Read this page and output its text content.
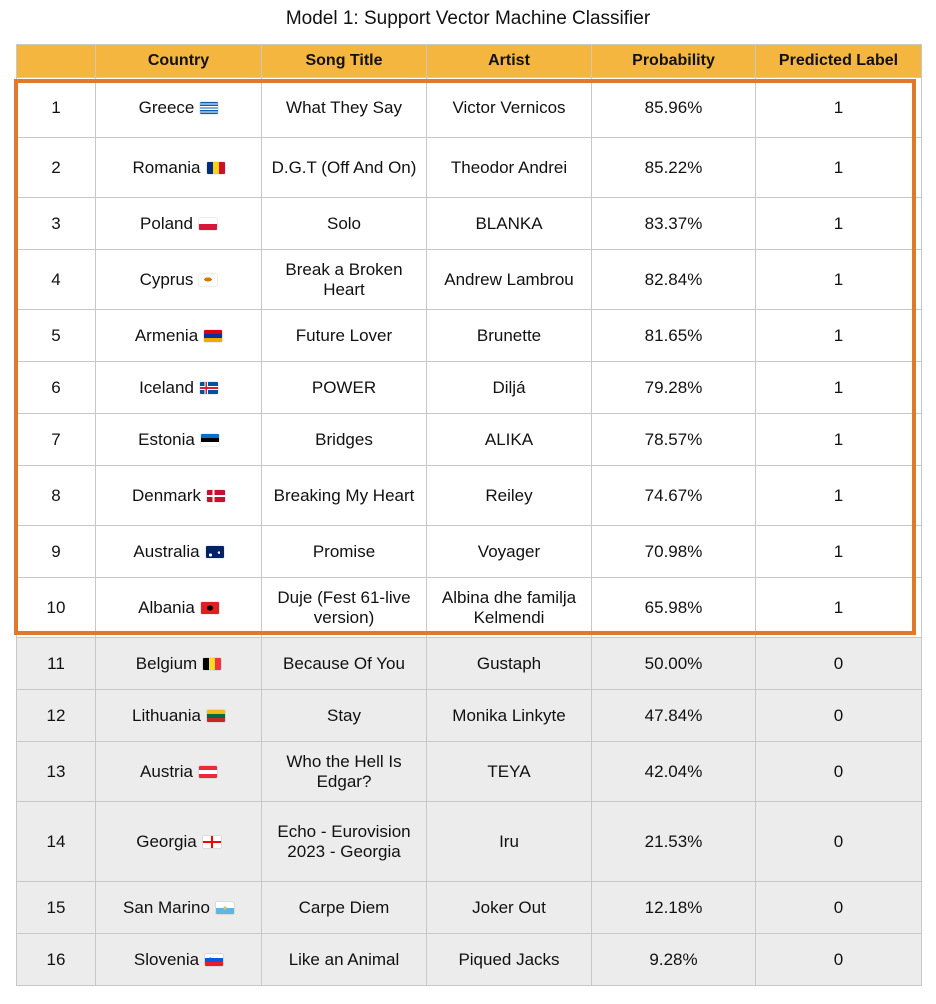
Model 1: Support Vector Machine Classifier
	Country	Song Title	Artist	Probability	Predicted Label
1	Greece	What They Say	Victor Vernicos	85.96%	1
2	Romania	D.G.T (Off And On)	Theodor Andrei	85.22%	1
3	Poland	Solo	BLANKA	83.37%	1
4	Cyprus	Break a Broken Heart	Andrew Lambrou	82.84%	1
5	Armenia	Future Lover	Brunette	81.65%	1
6	Iceland	POWER	Diljá	79.28%	1
7	Estonia	Bridges	ALIKA	78.57%	1
8	Denmark	Breaking My Heart	Reiley	74.67%	1
9	Australia	Promise	Voyager	70.98%	1
10	Albania	Duje (Fest 61-live version)	Albina dhe familja Kelmendi	65.98%	1
11	Belgium	Because Of You	Gustaph	50.00%	0
12	Lithuania	Stay	Monika Linkyte	47.84%	0
13	Austria	Who the Hell Is Edgar?	TEYA	42.04%	0
14	Georgia	Echo - Eurovision 2023 - Georgia	Iru	21.53%	0
15	San Marino	Carpe Diem	Joker Out	12.18%	0
16	Slovenia	Like an Animal	Piqued Jacks	9.28%	0
